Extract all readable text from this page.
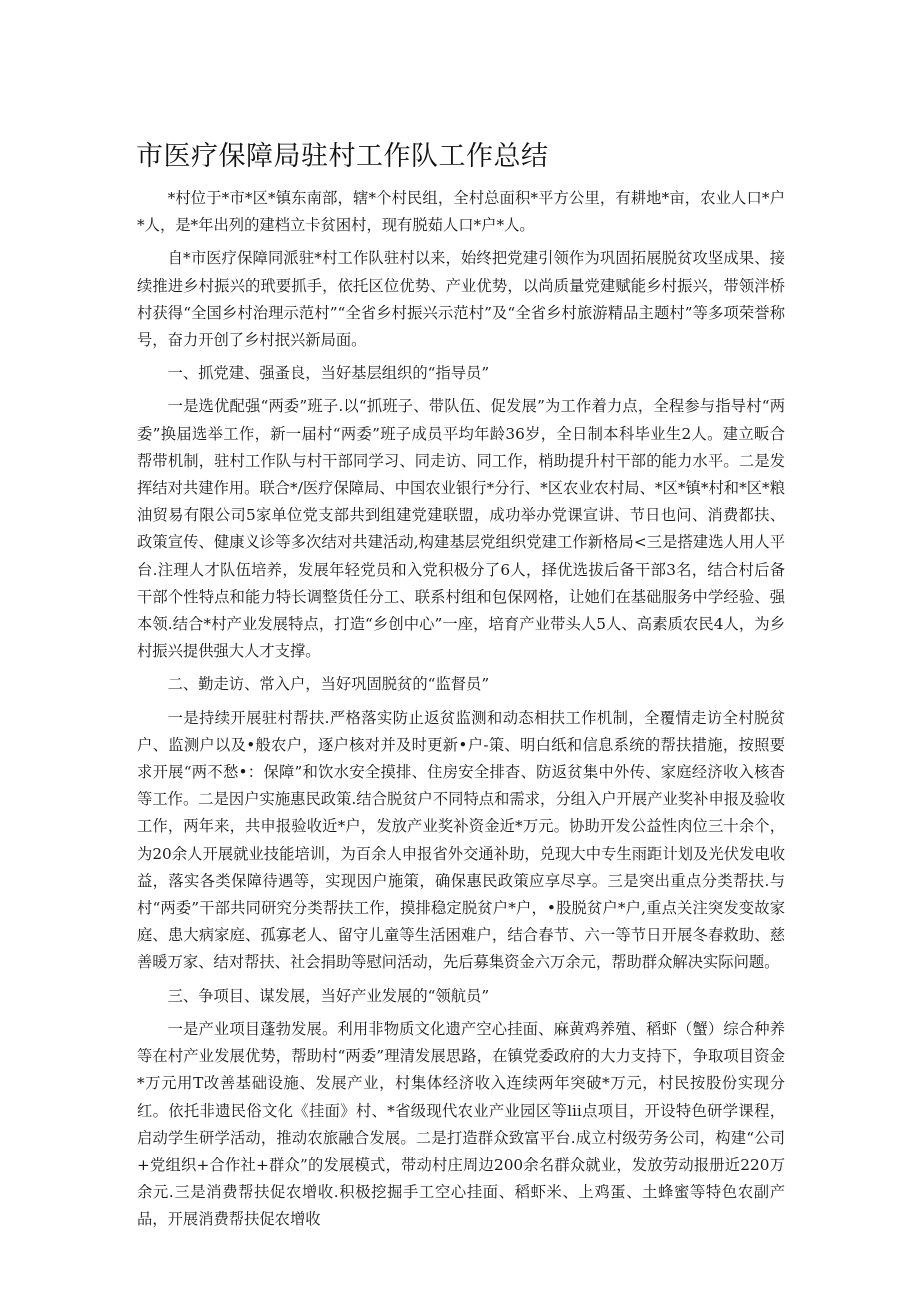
市医疗保障局驻村工作队工作总结

*村位于*市*区*镇东南部，辖*个村民组，全村总面积*平方公里，有耕地*亩，农业人口*户*人，是*年出列的建档立卡贫困村，现有脱茹人口*户*人。

自*市医疗保障同派驻*村工作队驻村以来，始终把党建引领作为巩固拓展脱贫攻坚成果、接续推进乡村振兴的玳要抓手，依托区位优势、产业优势，以尚质量党建赋能乡村振兴，带领泮桥村获得“全国乡村治理示范村”“全省乡村振兴示范村”及“全省乡村旅游精品主题村”等多项荣誉称号，奋力开创了乡村抿兴新局面。

一、抓党建、强蚤良，当好基层组织的“指导员”

一是选优配强“两委”班子.以“抓班子、带队伍、促发展”为工作着力点，全程参与指导村“两委”换届选举工作，新一届村“两委”班子成员平均年龄36岁，全日制本科毕业生2人。建立畈合帮带机制，驻村工作队与村干部同学习、同走访、同工作，梢助提升村干部的能力水平。二是发挥结对共建作用。联合*/医疗保障局、中国农业银行*分行、*区农业农村局、*区*镇*村和*区*粮油贸易有限公司5家单位党支部共到组建党建联盟，成功举办党课宣讲、节日也问、消费都扶、政策宣传、健康义诊等多次结对共建活动,构建基层党组织党建工作新格局<三是搭建选人用人平台.注理人才队伍培养，发展年轻党员和入党积极分了6人，择优选拔后备干部3名，结合村后备干部个性特点和能力特长调整货任分工、联系村组和包保网格，让她们在基础服务中学经验、强本领.结合*村产业发展特点，打造“乡创中心”一座，培育产业带头人5人、高素质农民4人，为乡村振兴提供强大人才支撑。

二、勤走访、常入户，当好巩固脱贫的“监督员”

一是持续开展驻村帮扶.严格落实防止返贫监测和动态相扶工作机制，全覆情走访全村脱贫户、监测户以及•般农户，逐户核对并及时更新•户-策、明白纸和信息系统的帮扶措施，按照要求开展“两不愁•：保障”和饮水安全摸排、住房安全排杳、防返贫集中外传、家庭经济收入核杳等工作。二是因户实施惠民政策.结合脱贫户不同特点和需求，分组入户开展产业奖补申报及验收工作，两年来，共申报验收近*户，发放产业奖补资金近*万元。协助开发公益性肉位三十余个，为20余人开展就业技能培训，为百余人申报省外交通补助，兑现大中专生雨距计划及光伏发电收益，落实各类保障待遇等，实现因户施策，确保惠民政策应享尽享。三是突出重点分类帮扶.与村“两委”干部共同研究分类帮扶工作，摸排稳定脱贫户*户，•股脱贫户*户,重点关注突发变故家庭、患大病家庭、孤寡老人、留守儿童等生活困难户，结合春节、六一等节日开展冬春救助、慈善暖万家、结对帮扶、社会捐助等慰问活动，先后募集资金六万余元，帮助群众解决实际问题。

三、争项目、谋发展，当好产业发展的“领航员”

一是产业项目蓬勃发展。利用非物质文化遗产空心挂面、麻黄鸡养殖、稻虾（蟹）综合种养等在村产业发展优势，帮助村“两委”理清发展思路，在镇党委政府的大力支持下，争取项目资金*万元用T改善基础设施、发展产业，村集体经济收入连续两年突破*万元，村民按股份实现分红。依托非遗民俗文化《挂面》村、*省级现代农业产业园区等lii点项目，开设特色研学课程，启动学生研学活动，推动农旅融合发展。二是打造群众致富平台.成立村级劳务公司，构建“公司+党组织+合作社+群众”的发展模式，带动村庄周边200余名群众就业，发放劳动报册近220万余元.三是消费帮扶促农增收.积极挖掘手工空心挂面、稻虾米、上鸡蛋、土蜂蜜等特色农副产品，开展消费帮扶促农增收
